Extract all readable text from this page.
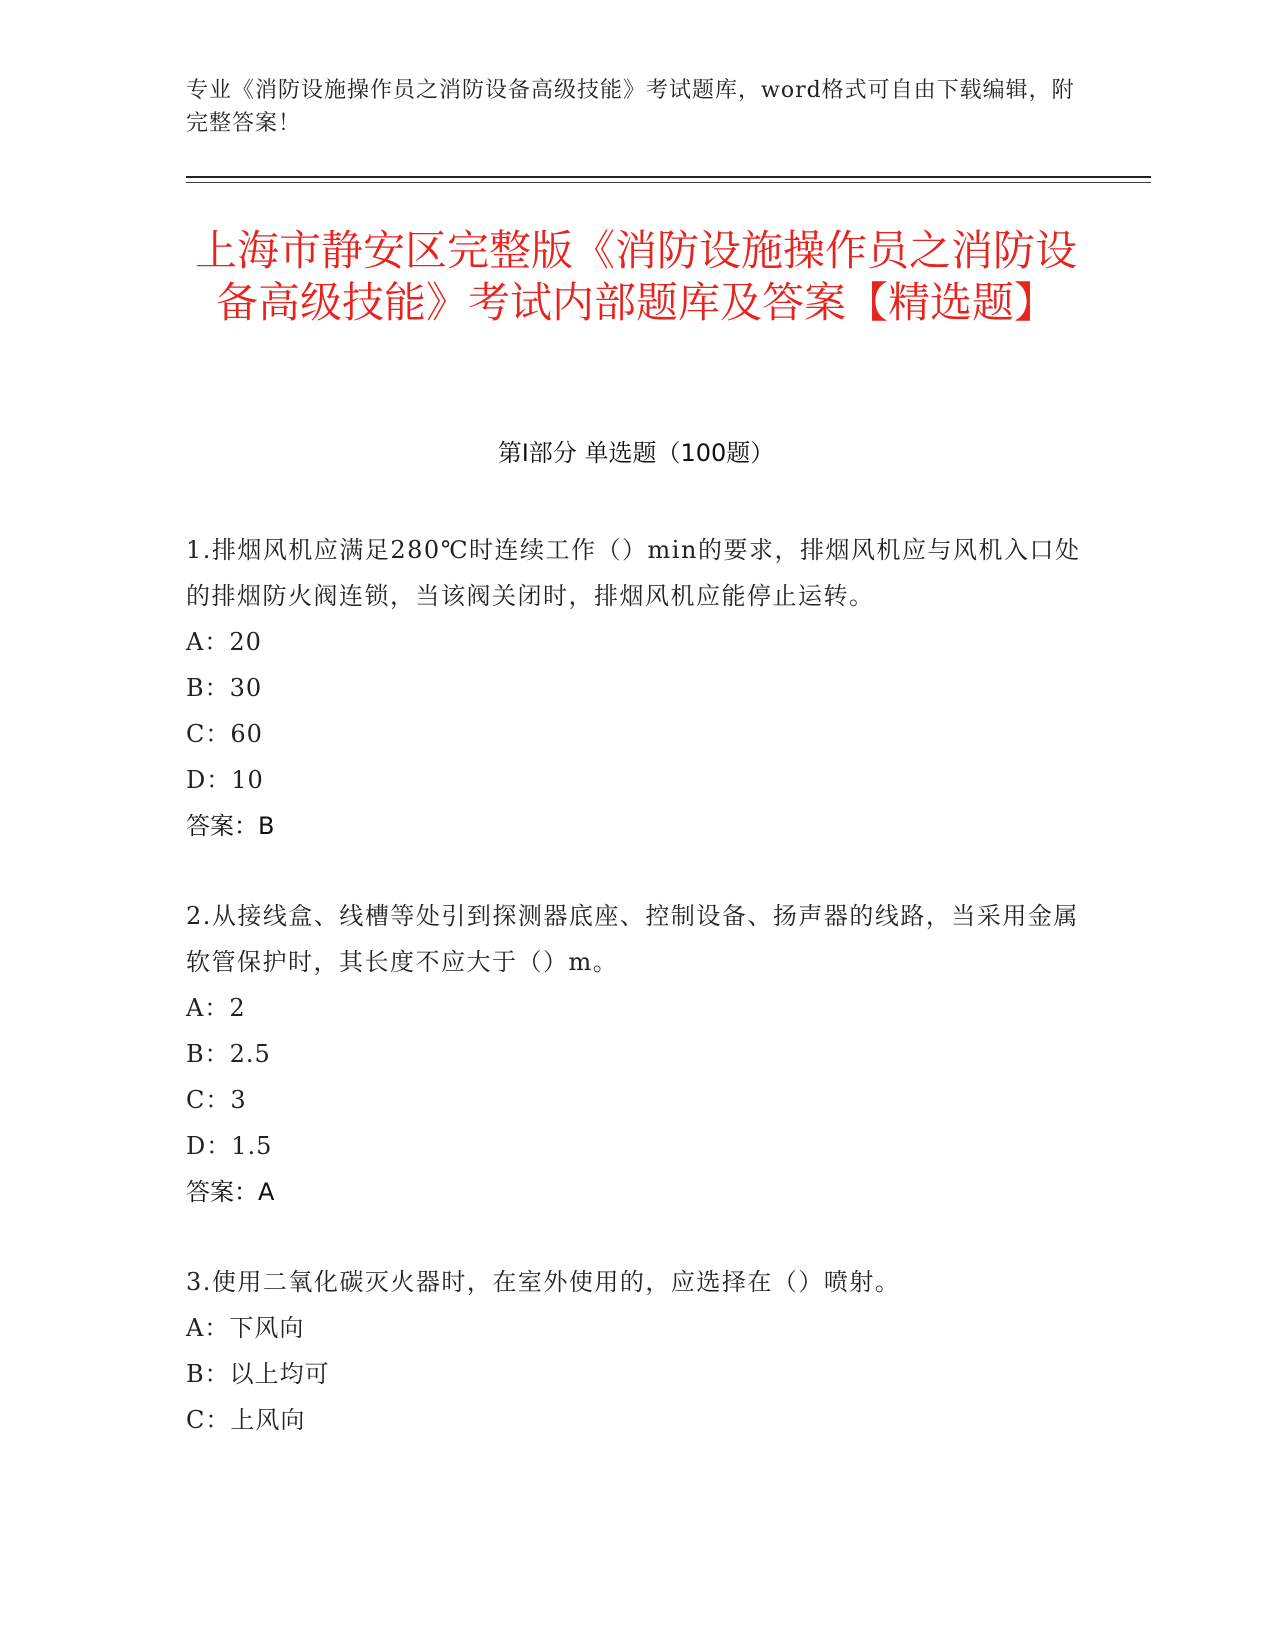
专业《消防设施操作员之消防设备高级技能》考试题库，word格式可自由下载编辑，附完整答案！
上海市静安区完整版《消防设施操作员之消防设备高级技能》考试内部题库及答案【精选题】
第I部分 单选题（100题）
1.排烟风机应满足280℃时连续工作（）min的要求，排烟风机应与风机入口处的排烟防火阀连锁，当该阀关闭时，排烟风机应能停止运转。
A：20
B：30
C：60
D：10
答案：B
2.从接线盒、线槽等处引到探测器底座、控制设备、扬声器的线路，当采用金属软管保护时，其长度不应大于（）m。
A：2
B：2.5
C：3
D：1.5
答案：A
3.使用二氧化碳灭火器时，在室外使用的，应选择在（）喷射。
A：下风向
B：以上均可
C：上风向
